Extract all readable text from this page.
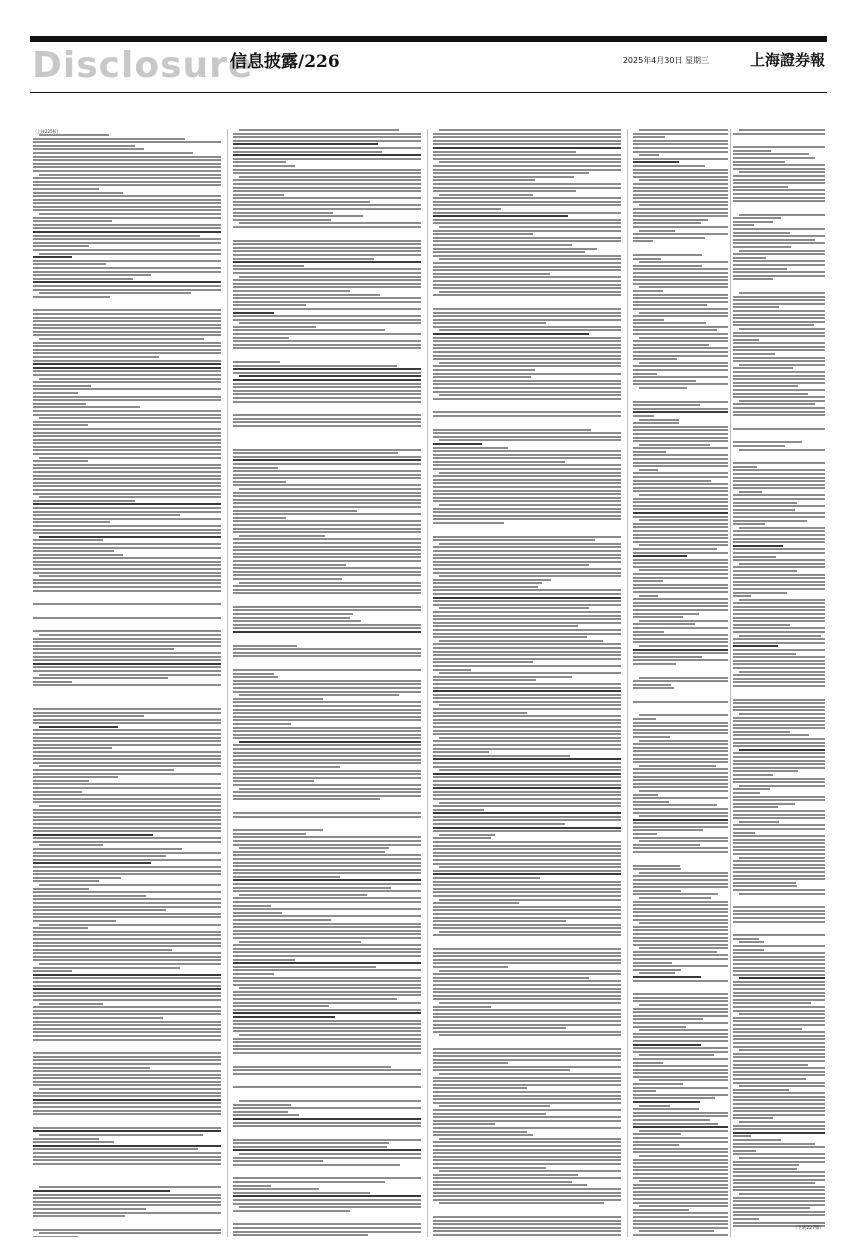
Disclosure
信息披露/226	2025年4月30日 星期三	上海證券報
（上接225版）
（下转227版）
